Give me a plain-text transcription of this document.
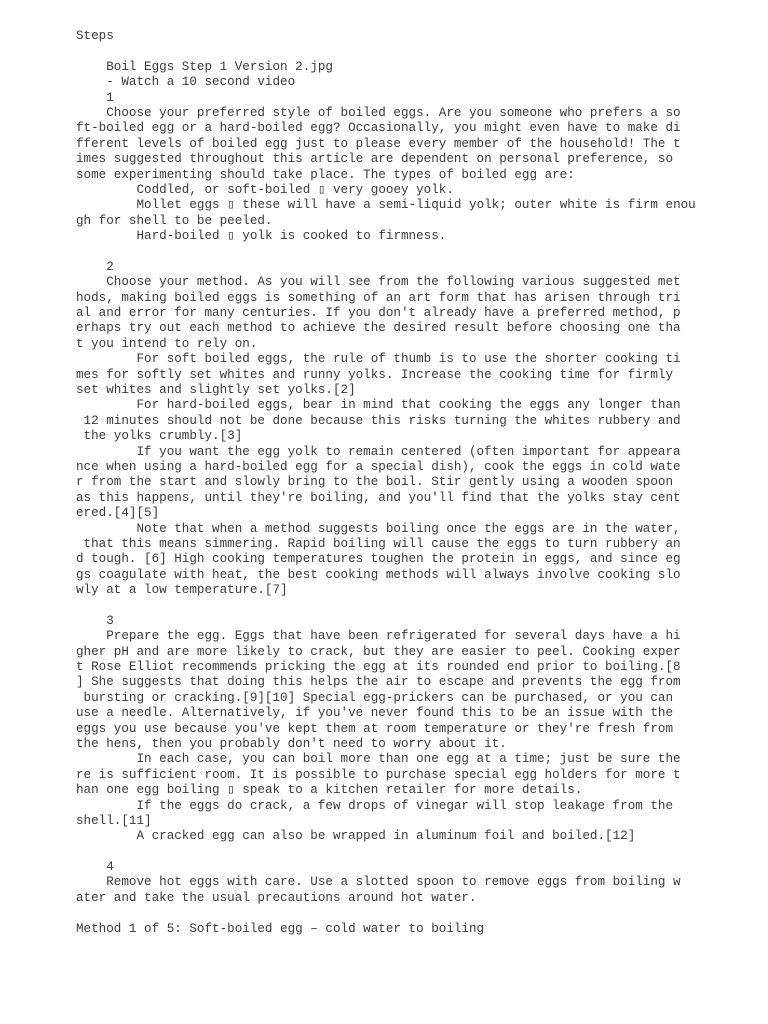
Steps
Boil Eggs Step 1 Version 2.jpg
- Watch a 10 second video
1
Choose your preferred style of boiled eggs. Are you someone who prefers a so
ft-boiled egg or a hard-boiled egg? Occasionally, you might even have to make di
fferent levels of boiled egg just to please every member of the household! The t
imes suggested throughout this article are dependent on personal preference, so
some experimenting should take place. The types of boiled egg are:
Coddled, or soft-boiled ▯ very gooey yolk.
Mollet eggs ▯ these will have a semi-liquid yolk; outer white is firm enou
gh for shell to be peeled.
Hard-boiled ▯ yolk is cooked to firmness.
2
Choose your method. As you will see from the following various suggested met
hods, making boiled eggs is something of an art form that has arisen through tri
al and error for many centuries. If you don't already have a preferred method, p
erhaps try out each method to achieve the desired result before choosing one tha
t you intend to rely on.
For soft boiled eggs, the rule of thumb is to use the shorter cooking ti
mes for softly set whites and runny yolks. Increase the cooking time for firmly
set whites and slightly set yolks.[2]
For hard-boiled eggs, bear in mind that cooking the eggs any longer than
12 minutes should not be done because this risks turning the whites rubbery and
the yolks crumbly.[3]
If you want the egg yolk to remain centered (often important for appeara
nce when using a hard-boiled egg for a special dish), cook the eggs in cold wate
r from the start and slowly bring to the boil. Stir gently using a wooden spoon
as this happens, until they're boiling, and you'll find that the yolks stay cent
ered.[4][5]
Note that when a method suggests boiling once the eggs are in the water,
that this means simmering. Rapid boiling will cause the eggs to turn rubbery an
d tough. [6] High cooking temperatures toughen the protein in eggs, and since eg
gs coagulate with heat, the best cooking methods will always involve cooking slo
wly at a low temperature.[7]
3
Prepare the egg. Eggs that have been refrigerated for several days have a hi
gher pH and are more likely to crack, but they are easier to peel. Cooking exper
t Rose Elliot recommends pricking the egg at its rounded end prior to boiling.[8
] She suggests that doing this helps the air to escape and prevents the egg from
bursting or cracking.[9][10] Special egg-prickers can be purchased, or you can
use a needle. Alternatively, if you've never found this to be an issue with the
eggs you use because you've kept them at room temperature or they're fresh from
the hens, then you probably don't need to worry about it.
In each case, you can boil more than one egg at a time; just be sure the
re is sufficient room. It is possible to purchase special egg holders for more t
han one egg boiling ▯ speak to a kitchen retailer for more details.
If the eggs do crack, a few drops of vinegar will stop leakage from the
shell.[11]
A cracked egg can also be wrapped in aluminum foil and boiled.[12]
4
Remove hot eggs with care. Use a slotted spoon to remove eggs from boiling w
ater and take the usual precautions around hot water.
Method 1 of 5: Soft-boiled egg – cold water to boiling
